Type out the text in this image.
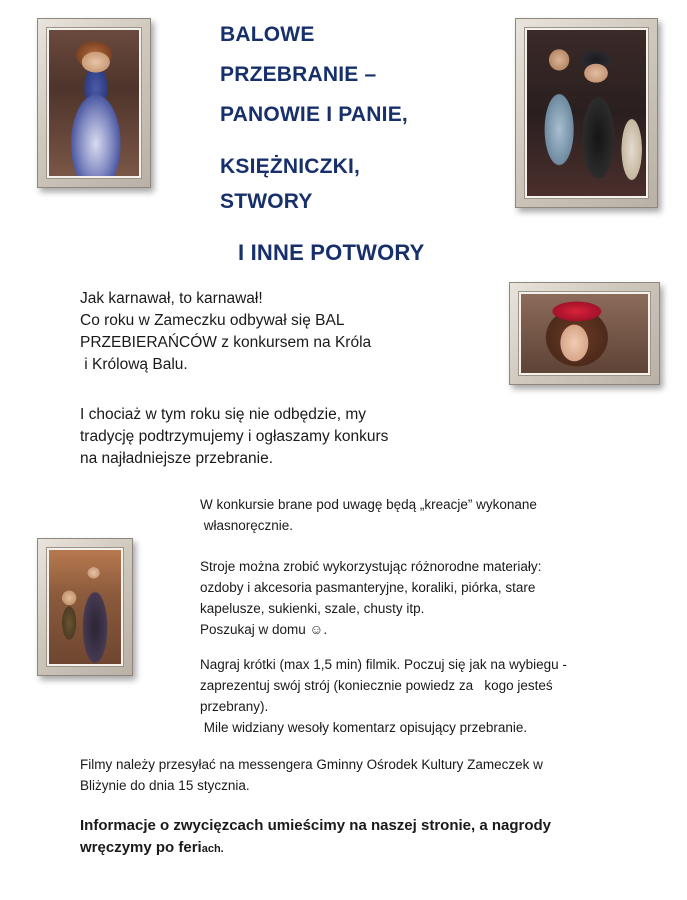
BALOWE
PRZEBRANIE –
PANOWIE I PANIE,
KSIĘŻNICZKI,
STWORY
I INNE POTWORY

Jak karnawał, to karnawał!
Co roku w Zameczku odbywał się BAL
PRZEBIERAŃCÓW z konkursem na Króla
i Królową Balu.

I chociaż w tym roku się nie odbędzie, my
tradycję podtrzymujemy i ogłaszamy konkurs
na najładniejsze przebranie.

W konkursie brane pod uwagę będą „kreacje” wykonane
własnoręcznie.

Stroje można zrobić wykorzystując różnorodne materiały:
ozdoby i akcesoria pasmanteryjne, koraliki, piórka, stare
kapelusze, sukienki, szale, chusty itp.
Poszukaj w domu ☺.

Nagraj krótki (max 1,5 min) filmik. Poczuj się jak na wybiegu -
zaprezentuj swój strój (koniecznie powiedz za   kogo jesteś
przebrany).
Mile widziany wesoły komentarz opisujący przebranie.

Filmy należy przesyłać na messengera Gminny Ośrodek Kultury Zameczek w
Bliżynie do dnia 15 stycznia.

Informacje o zwycięzcach umieścimy na naszej stronie, a nagrody
wręczymy po feriach.
